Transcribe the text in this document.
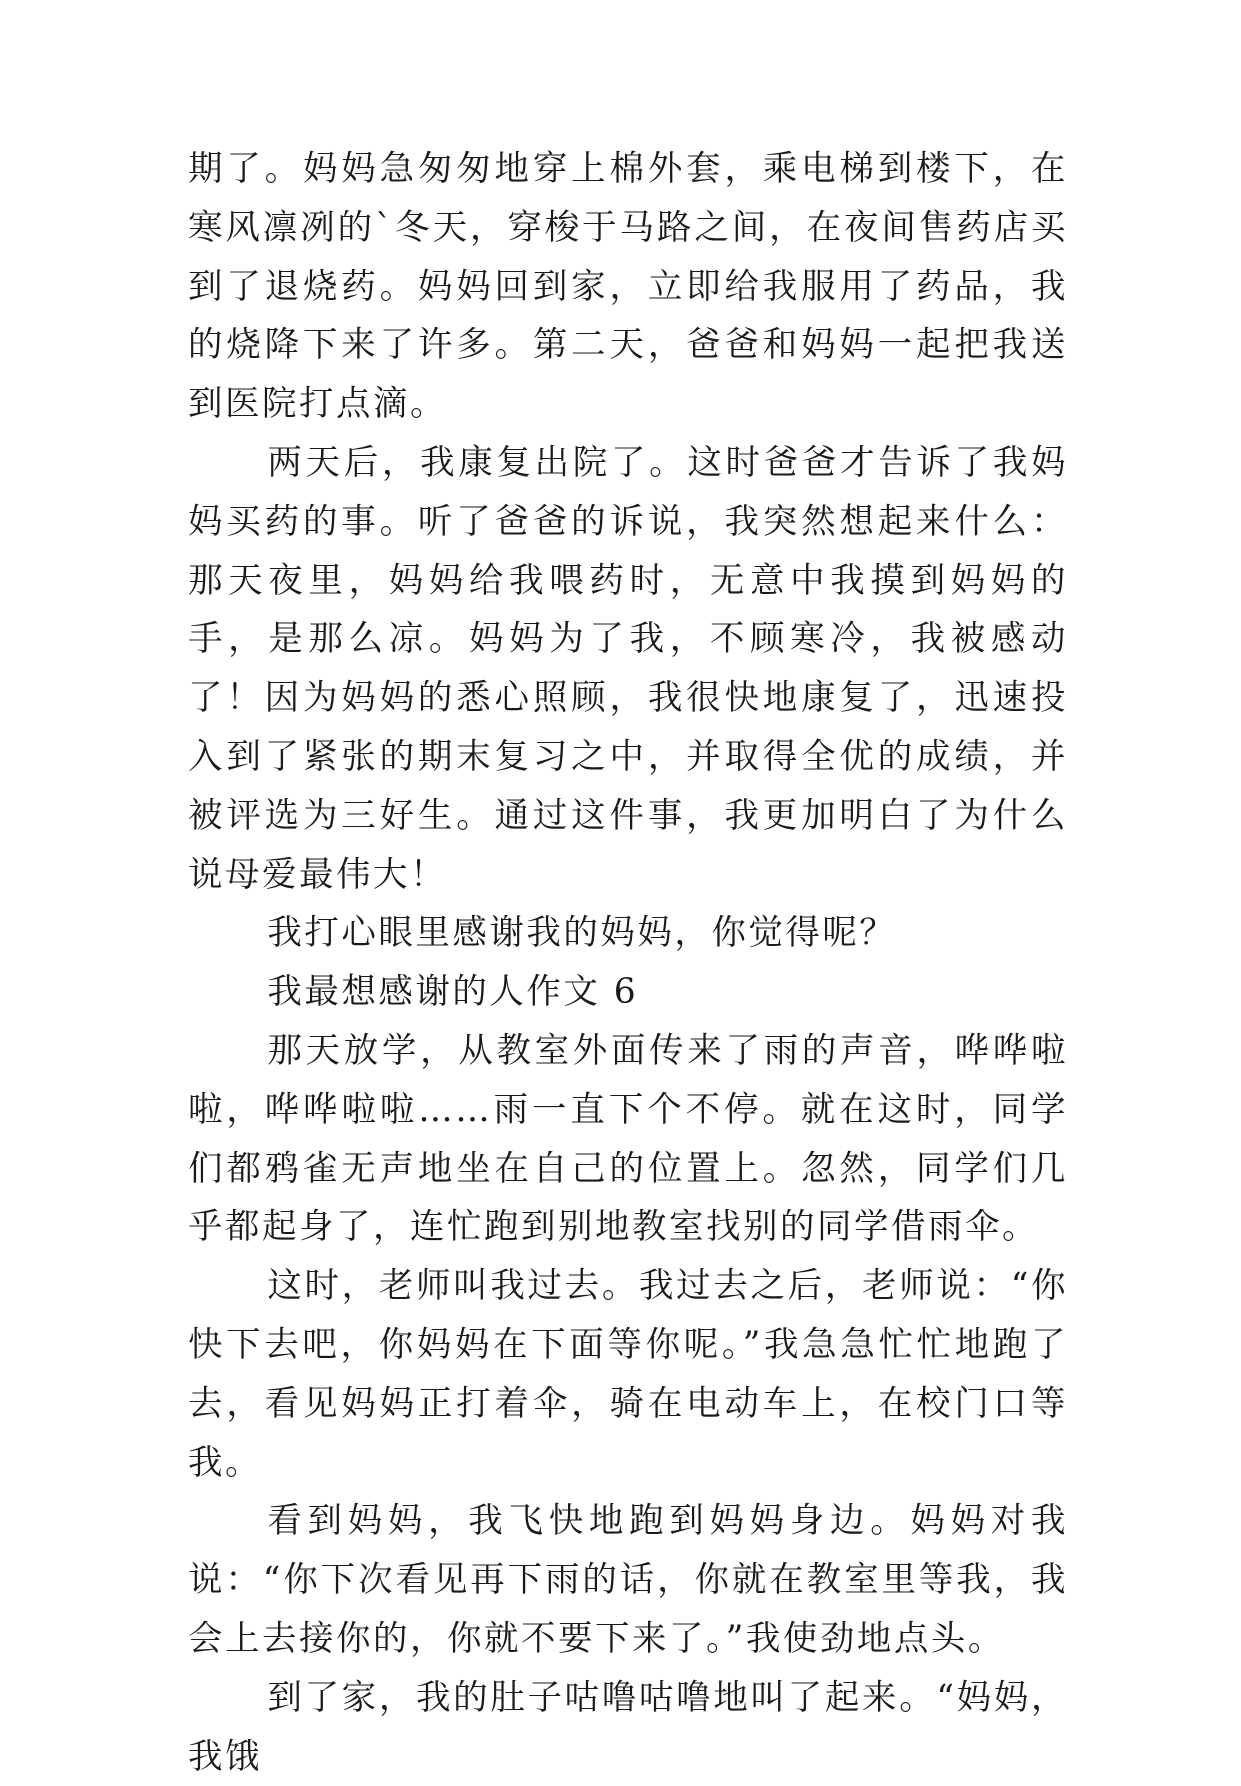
期了。妈妈急匆匆地穿上棉外套，乘电梯到楼下，在寒风凛冽的`冬天，穿梭于马路之间，在夜间售药店买到了退烧药。妈妈回到家，立即给我服用了药品，我的烧降下来了许多。第二天，爸爸和妈妈一起把我送到医院打点滴。

两天后，我康复出院了。这时爸爸才告诉了我妈妈买药的事。听了爸爸的诉说，我突然想起来什么：那天夜里，妈妈给我喂药时，无意中我摸到妈妈的手，是那么凉。妈妈为了我，不顾寒冷，我被感动了！因为妈妈的悉心照顾，我很快地康复了，迅速投入到了紧张的期末复习之中，并取得全优的成绩，并被评选为三好生。通过这件事，我更加明白了为什么说母爱最伟大！

我打心眼里感谢我的妈妈，你觉得呢？

我最想感谢的人作文 6

那天放学，从教室外面传来了雨的声音，哗哗啦啦，哗哗啦啦……雨一直下个不停。就在这时，同学们都鸦雀无声地坐在自己的位置上。忽然，同学们几乎都起身了，连忙跑到别地教室找别的同学借雨伞。

这时，老师叫我过去。我过去之后，老师说：“你快下去吧，你妈妈在下面等你呢。”我急急忙忙地跑了去，看见妈妈正打着伞，骑在电动车上，在校门口等我。

看到妈妈，我飞快地跑到妈妈身边。妈妈对我说：“你下次看见再下雨的话，你就在教室里等我，我会上去接你的，你就不要下来了。”我使劲地点头。

到了家，我的肚子咕噜咕噜地叫了起来。“妈妈，我饿
